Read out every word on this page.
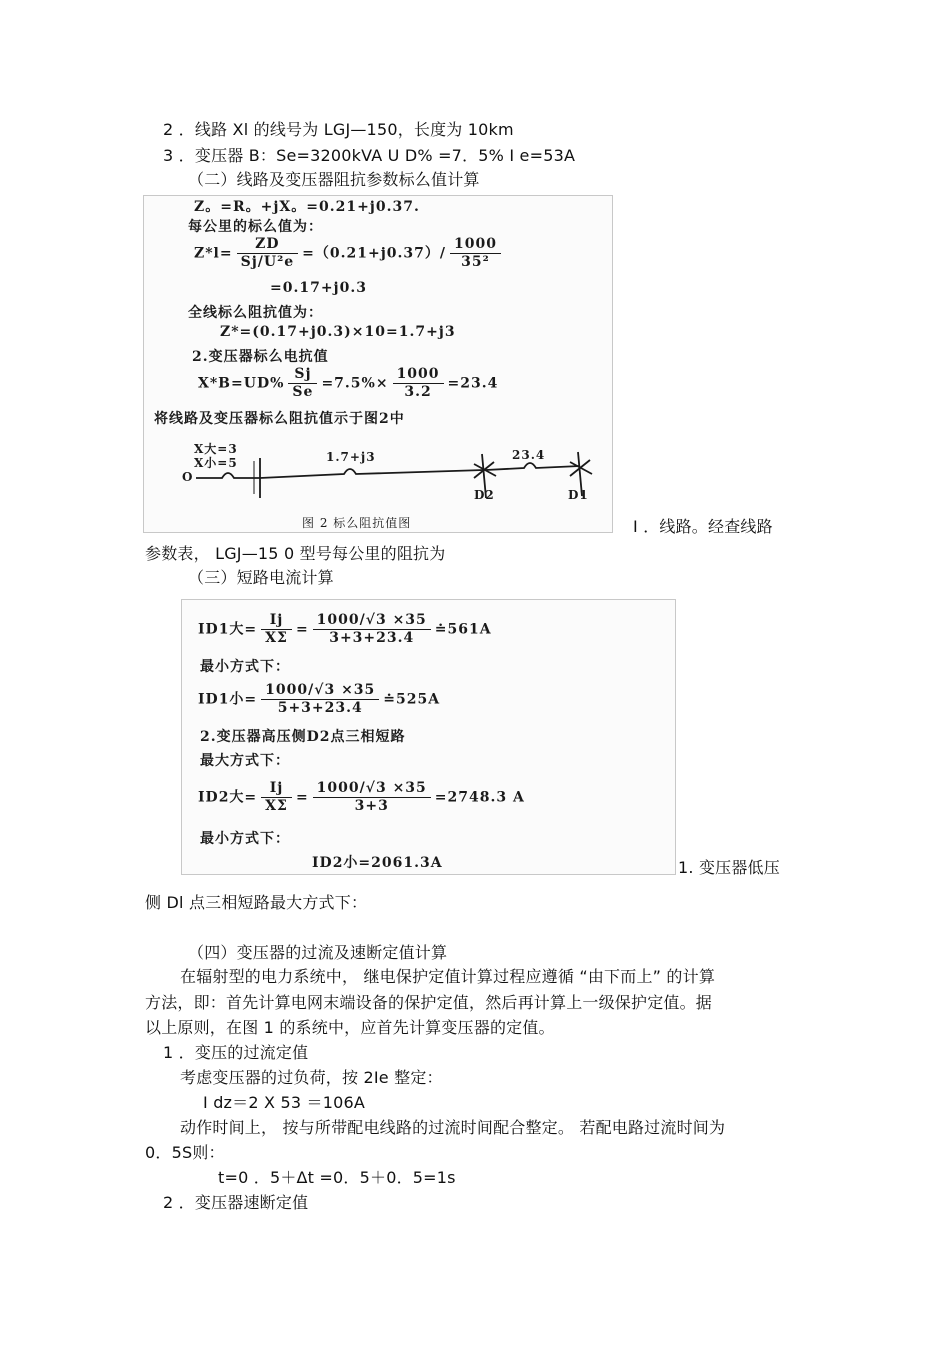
2 ．线路 Xl 的线号为 LGJ—150，长度为 10km
3 ．变压器 B：Se=3200kVA U D% =7．5% I e=53A
（二）线路及变压器阻抗参数标么值计算
Z。=R。+jX。=0.21+j0.37.
每公里的标么值为：
$Z*l= \frac{ZD}{\text{Sj/U²e}} =(0.21+j0.37)/ \frac{1000}{\text{35²}}$
=0.17+j0.3
全线标么阻抗值为：
Z*=(0.17+j0.3)×10=1.7+j3
2.变压器标么电抗值
$X*B=UD\% \frac{Sj}{Se} =7.5\%\times \frac{1000}{3.2} =23.4$
将线路及变压器标么阻抗值示于图2中
X大=3
X小=5
O
1.7+j3	23.4
D2	D1
图 2 标么阻抗值图	I ．线路。经查线路
参数表， LGJ—15 0 型号每公里的阻抗为
（三）短路电流计算
ID1大= $\frac{Ij}{X\Sigma} = \frac{1000/√3 \times 35}{3+3+23.4}$ ≐561A
最小方式下：
ID1小= $\frac{1000/√3 \times 35}{5+3+23.4}$ ≐525A
2.变压器高压侧D2点三相短路
最大方式下：
ID2大= $\frac{Ij}{X\Sigma} = \frac{1000/√3 \times 35}{3+3} =2748.3$ A
最小方式下：
ID2小=2061.3A	1. 变压器低压
侧 Dl 点三相短路最大方式下：
（四）变压器的过流及速断定值计算
在辐射型的电力系统中， 继电保护定值计算过程应遵循 “由下而上” 的计算
方法，即：首先计算电网末端设备的保护定值，然后再计算上一级保护定值。据
以上原则，在图 1 的系统中，应首先计算变压器的定值。
1 ．变压的过流定值
考虑变压器的过负荷，按 2Ie 整定：
I dz＝2 X 53 ＝106A
动作时间上， 按与所带配电线路的过流时间配合整定。 若配电路过流时间为
0．5S则：
t=0 ．5＋Δt =0．5＋0．5=1s
2 ．变压器速断定值
